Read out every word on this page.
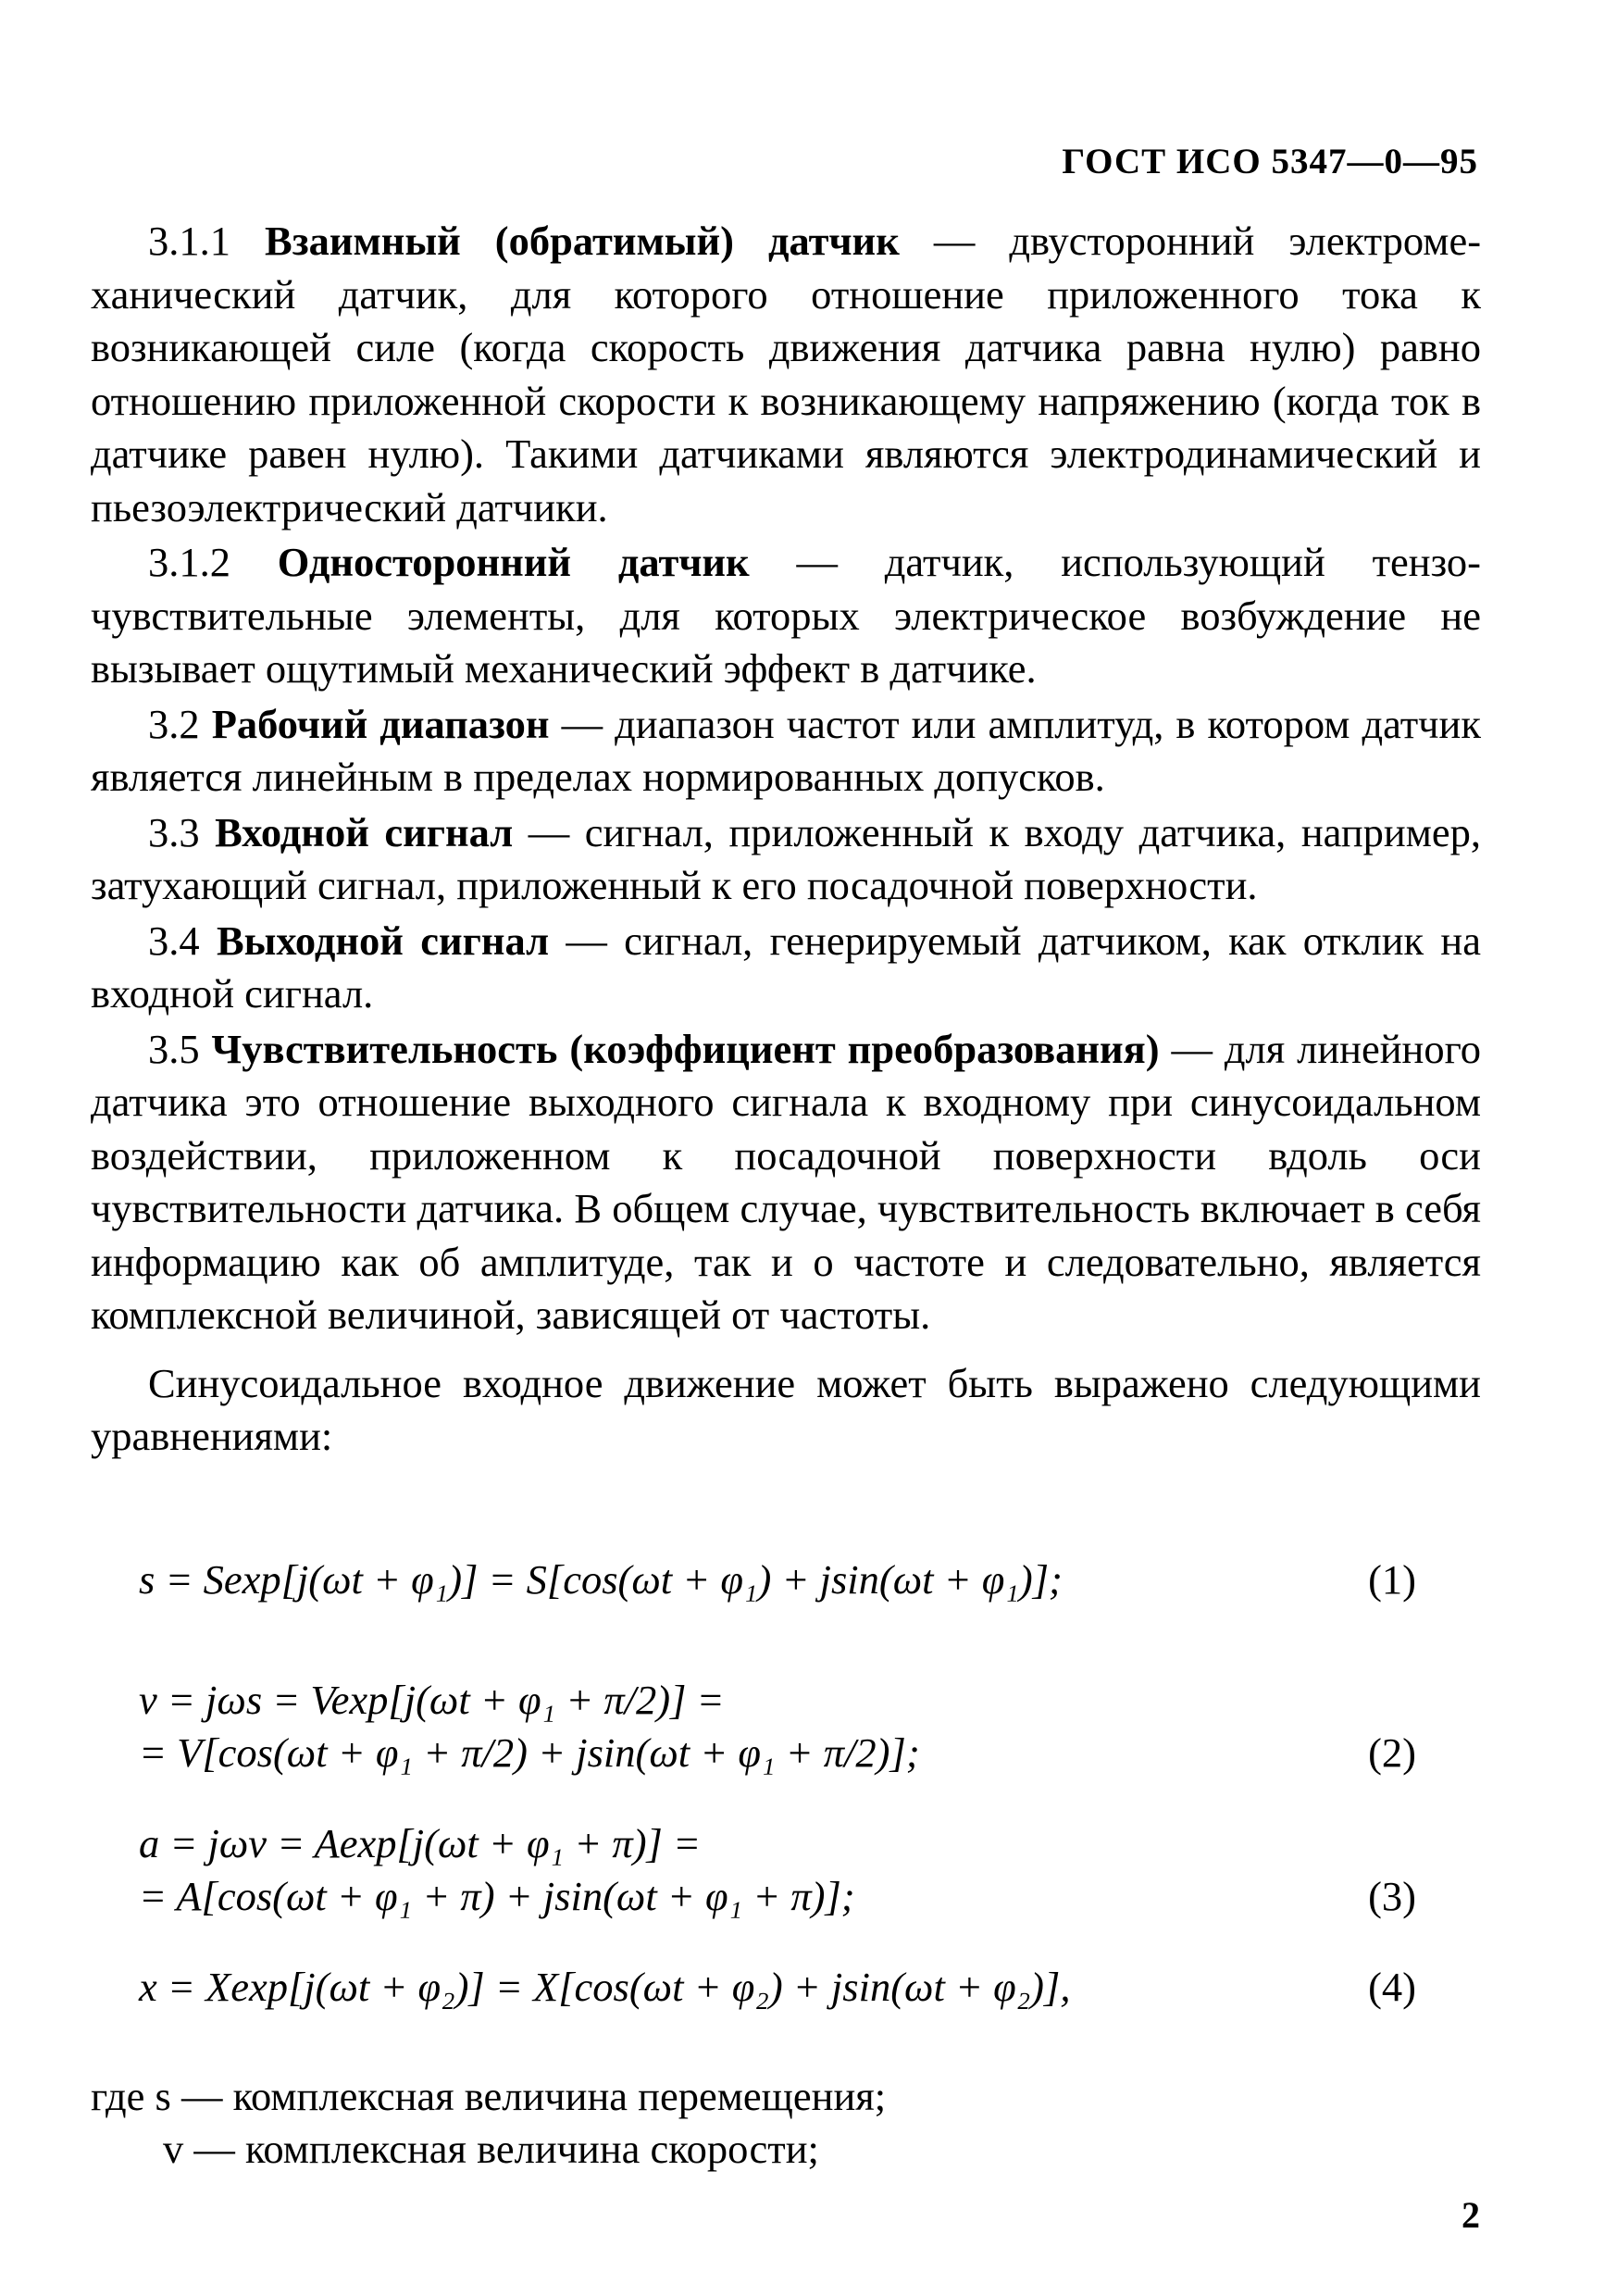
ГОСТ ИСО 5347—0—95

3.1.1 Взаимный (обратимый) датчик — двусторонний электромеханический датчик, для которого отношение приложенного тока к возникающей силе (когда скорость движения датчика равна нулю) равно отношению приложенной скорости к возникающему напряжению (когда ток в датчике равен нулю). Такими датчиками являются электродинамический и пьезоэлектрический датчики.

3.1.2 Односторонний датчик — датчик, использующий тензочувствительные элементы, для которых электрическое возбуждение не вызывает ощутимый механический эффект в датчике.

3.2 Рабочий диапазон — диапазон частот или амплитуд, в котором датчик является линейным в пределах нормированных допусков.

3.3 Входной сигнал — сигнал, приложенный к входу датчика, например, затухающий сигнал, приложенный к его посадочной поверхности.

3.4 Выходной сигнал — сигнал, генерируемый датчиком, как отклик на входной сигнал.

3.5 Чувствительность (коэффициент преобразования) — для линейного датчика это отношение выходного сигнала к входному при синусоидальном воздействии, приложенном к посадочной поверхности вдоль оси чувствительности датчика. В общем случае, чувствительность включает в себя информацию как об амплитуде, так и о частоте и следовательно, является комплексной величиной, зависящей от частоты.

Синусоидальное входное движение может быть выражено следующими уравнениями:

s = Sexp[j(ωt + φ₁)] = S[cos(ωt + φ₁) + jsin(ωt + φ₁)];	(1)
v = jωs = Vexp[j(ωt + φ₁ + π/2)] =
= V[cos(ωt + φ₁ + π/2) + jsin(ωt + φ₁ + π/2)];	(2)
a = jωv = Aexp[j(ωt + φ₁ + π)] =
= A[cos(ωt + φ₁ + π) + jsin(ωt + φ₁ + π)];	(3)
x = Xexp[j(ωt + φ₂)] = X[cos(ωt + φ₂) + jsin(ωt + φ₂)],	(4)
где s — комплексная величина перемещения;
v — комплексная величина скорости;
2
